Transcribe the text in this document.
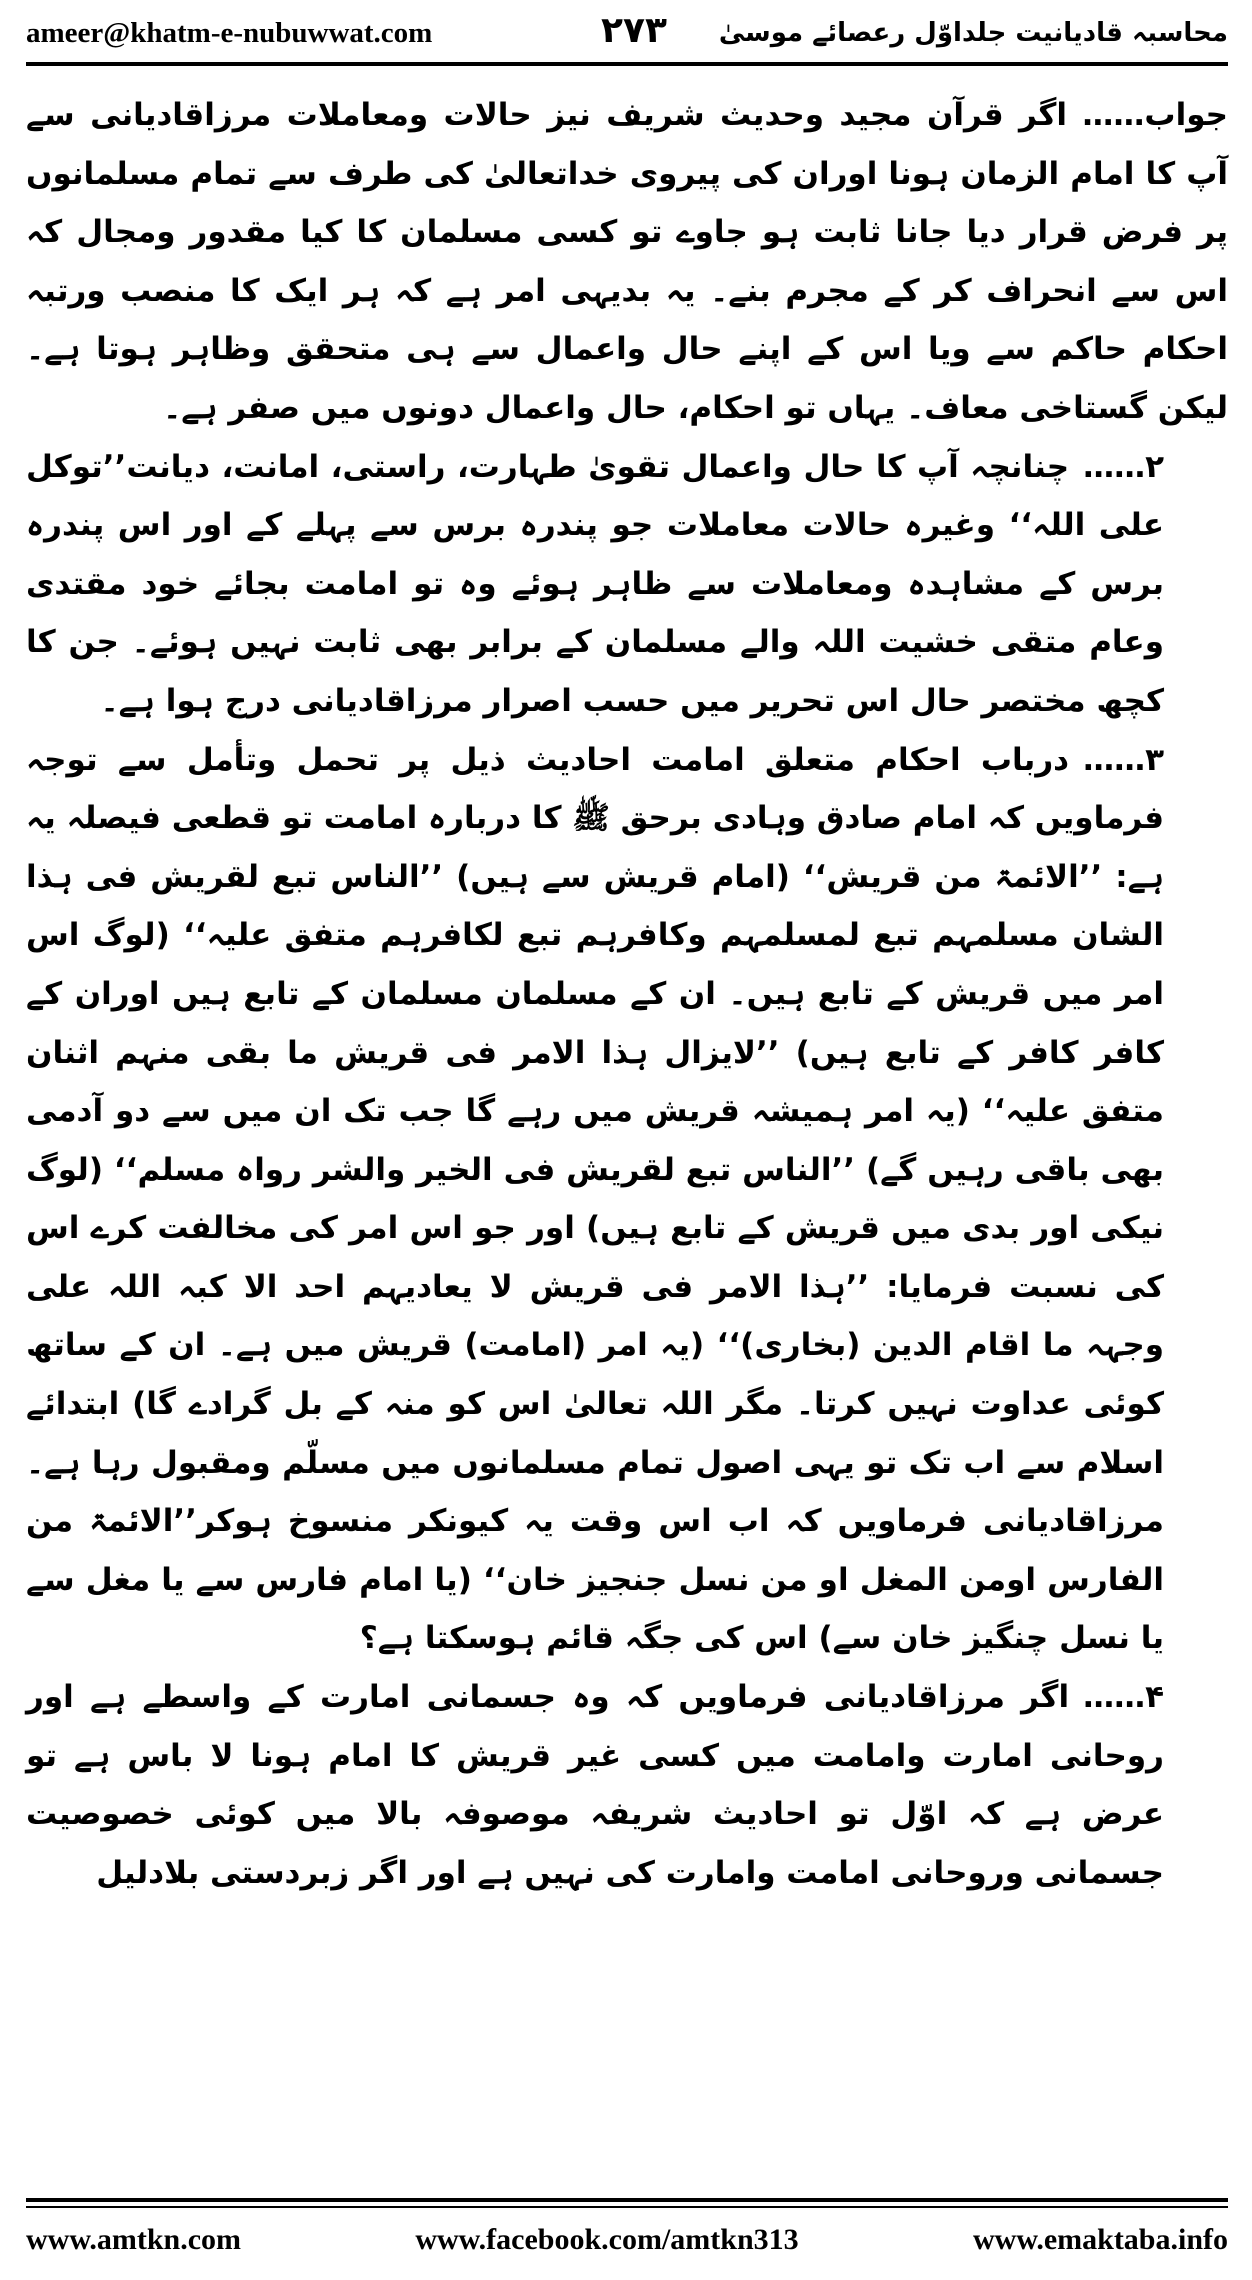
ameer@khatm-e-nubuwwat.com	۲۷۳ محاسبہ قادیانیت جلداوّل رعصائے موسیٰ

جواب…… اگر قرآن مجید وحدیث شریف نیز حالات ومعاملات مرزاقادیانی سے آپ کا امام الزمان ہونا اوران کی پیروی خداتعالیٰ کی طرف سے تمام مسلمانوں پر فرض قرار دیا جانا ثابت ہو جاوے تو کسی مسلمان کا کیا مقدور ومجال کہ اس سے انحراف کر کے مجرم بنے۔ یہ بدیہی امر ہے کہ ہر ایک کا منصب ورتبہ احکام حاکم سے ویا اس کے اپنے حال واعمال سے ہی متحقق وظاہر ہوتا ہے۔ لیکن گستاخی معاف۔ یہاں تو احکام، حال واعمال دونوں میں صفر ہے۔

۲……چنانچہ آپ کا حال واعمال تقویٰ طہارت، راستی، امانت، دیانت’’توکل علی اللہ‘‘ وغیرہ حالات معاملات جو پندرہ برس سے پہلے کے اور اس پندرہ برس کے مشاہدہ ومعاملات سے ظاہر ہوئے وہ تو امامت بجائے خود مقتدی وعام متقی خشیت اللہ والے مسلمان کے برابر بھی ثابت نہیں ہوئے۔ جن کا کچھ مختصر حال اس تحریر میں حسب اصرار مرزاقادیانی درج ہوا ہے۔

۳……درباب احکام متعلق امامت احادیث ذیل پر تحمل وتأمل سے توجہ فرماویں کہ امام صادق وہادی برحق ﷺ کا دربارہ امامت تو قطعی فیصلہ یہ ہے: ’’الائمۃ من قریش‘‘ (امام قریش سے ہیں) ’’الناس تبع لقریش فی ہذا الشان مسلمہم تبع لمسلمہم وکافرہم تبع لکافرہم متفق علیہ‘‘ (لوگ اس امر میں قریش کے تابع ہیں۔ ان کے مسلمان مسلمان کے تابع ہیں اوران کے کافر کافر کے تابع ہیں) ’’لایزال ہذا الامر فی قریش ما بقی منہم اثنان متفق علیہ‘‘ (یہ امر ہمیشہ قریش میں رہے گا جب تک ان میں سے دو آدمی بھی باقی رہیں گے) ’’الناس تبع لقریش فی الخیر والشر رواہ مسلم‘‘ (لوگ نیکی اور بدی میں قریش کے تابع ہیں) اور جو اس امر کی مخالفت کرے اس کی نسبت فرمایا: ’’ہذا الامر فی قریش لا یعادیہم احد الا کبہ اللہ علی وجہہ ما اقام الدین (بخاری)‘‘ (یہ امر (امامت) قریش میں ہے۔ ان کے ساتھ کوئی عداوت نہیں کرتا۔ مگر اللہ تعالیٰ اس کو منہ کے بل گرادے گا) ابتدائے اسلام سے اب تک تو یہی اصول تمام مسلمانوں میں مسلّم ومقبول رہا ہے۔ مرزاقادیانی فرماویں کہ اب اس وقت یہ کیونکر منسوخ ہوکر’’الائمۃ من الفارس اومن المغل او من نسل جنجیز خان‘‘ (یا امام فارس سے یا مغل سے یا نسل چنگیز خان سے) اس کی جگہ قائم ہوسکتا ہے؟

۴……اگر مرزاقادیانی فرماویں کہ وہ جسمانی امارت کے واسطے ہے اور روحانی امارت وامامت میں کسی غیر قریش کا امام ہونا لا باس ہے تو عرض ہے کہ اوّل تو احادیث شریفہ موصوفہ بالا میں کوئی خصوصیت جسمانی وروحانی امامت وامارت کی نہیں ہے اور اگر زبردستی بلادلیل

www.amtkn.com	www.facebook.com/amtkn313	www.emaktaba.info
